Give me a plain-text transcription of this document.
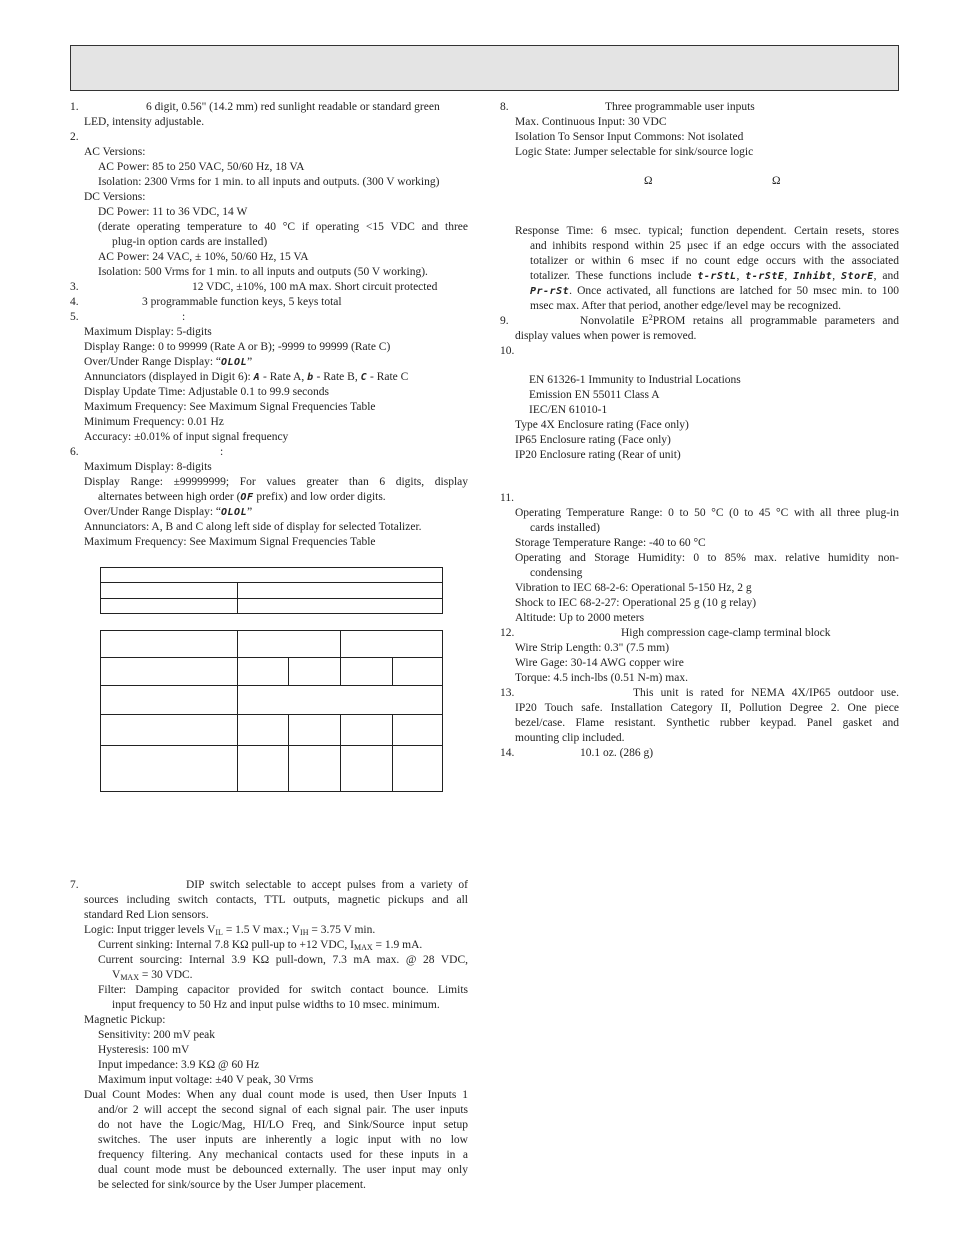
1.	6 digit, 0.56" (14.2 mm) red sunlight readable or standard green
LED, intensity adjustable.
2.
AC Versions:
AC Power: 85 to 250 VAC, 50/60 Hz, 18 VA
Isolation: 2300 Vrms for 1 min. to all inputs and outputs. (300 V working)
DC Versions:
DC Power: 11 to 36 VDC, 14 W
(derate operating temperature to 40 °C if operating <15 VDC and three
plug-in option cards are installed)
AC Power: 24 VAC, ± 10%, 50/60 Hz, 15 VA
Isolation: 500 Vrms for 1 min. to all inputs and outputs (50 V working).
3.	12 VDC, ±10%, 100 mA max. Short circuit protected
4.	3 programmable function keys, 5 keys total
5.	:
Maximum Display: 5-digits
Display Range: 0 to 99999 (Rate A or B); -9999 to 99999 (Rate C)
Over/Under Range Display: “OLOL”
Annunciators (displayed in Digit 6): A - Rate A, b - Rate B, C - Rate C
Display Update Time: Adjustable 0.1 to 99.9 seconds
Maximum Frequency: See Maximum Signal Frequencies Table
Minimum Frequency: 0.01 Hz
Accuracy: ±0.01% of input signal frequency
6.	:
Maximum Display: 8-digits
Display Range: ±99999999; For values greater than 6 digits, display
alternates between high order (OF prefix) and low order digits.
Over/Under Range Display: “OLOL”
Annunciators: A, B and C along left side of display for selected Totalizer.
Maximum Frequency: See Maximum Signal Frequencies Table
7.	DIP switch selectable to accept pulses from a variety of
sources including switch contacts, TTL outputs, magnetic pickups and all
standard Red Lion sensors.
Logic: Input trigger levels $V_{IL} = 1.5$ V max.; $V_{IH} = 3.75$ V min.
Current sinking: Internal 7.8 KΩ pull-up to +12 VDC, $I_{MAX} = 1.9$ mA.
Current sourcing: Internal 3.9 KΩ pull-down, 7.3 mA max. @ 28 VDC,
$V_{MAX} = 30$ VDC.
Filter: Damping capacitor provided for switch contact bounce. Limits
input frequency to 50 Hz and input pulse widths to 10 msec. minimum.
Magnetic Pickup:
Sensitivity: 200 mV peak
Hysteresis: 100 mV
Input impedance: 3.9 KΩ @ 60 Hz
Maximum input voltage: ±40 V peak, 30 Vrms
Dual Count Modes: When any dual count mode is used, then User Inputs 1
and/or 2 will accept the second signal of each signal pair. The user inputs
do not have the Logic/Mag, HI/LO Freq, and Sink/Source input setup
switches. The user inputs are inherently a logic input with no low
frequency filtering. Any mechanical contacts used for these inputs in a
dual count mode must be debounced externally. The user input may only
be selected for sink/source by the User Jumper placement.
8.	Three programmable user inputs
Max. Continuous Input: 30 VDC
Isolation To Sensor Input Commons: Not isolated
Logic State: Jumper selectable for sink/source logic
Ω	Ω
Response Time: 6 msec. typical; function dependent. Certain resets, stores
and inhibits respond within 25 µsec if an edge occurs with the associated
totalizer or within 6 msec if no count edge occurs with the associated
totalizer. These functions include t-rStL, t-rStE, Inhibt, StorE, and
Pr-rSt. Once activated, all functions are latched for 50 msec min. to 100
msec max. After that period, another edge/level may be recognized.
9.	Nonvolatile $E^2PROM$ retains all programmable parameters and
display values when power is removed.
10.
EN 61326-1 Immunity to Industrial Locations
Emission EN 55011 Class A
IEC/EN 61010-1
Type 4X Enclosure rating (Face only)
IP65 Enclosure rating (Face only)
IP20 Enclosure rating (Rear of unit)
11.
Operating Temperature Range: 0 to 50 °C (0 to 45 °C with all three plug-in
cards installed)
Storage Temperature Range: -40 to 60 °C
Operating and Storage Humidity: 0 to 85% max. relative humidity non-
condensing
Vibration to IEC 68-2-6: Operational 5-150 Hz, 2 g
Shock to IEC 68-2-27: Operational 25 g (10 g relay)
Altitude: Up to 2000 meters
12.	High compression cage-clamp terminal block
Wire Strip Length: 0.3" (7.5 mm)
Wire Gage: 30-14 AWG copper wire
Torque: 4.5 inch-lbs (0.51 N-m) max.
13.	This unit is rated for NEMA 4X/IP65 outdoor use.
IP20 Touch safe. Installation Category II, Pollution Degree 2. One piece
bezel/case. Flame resistant. Synthetic rubber keypad. Panel gasket and
mounting clip included.
14.	10.1 oz. (286 g)
